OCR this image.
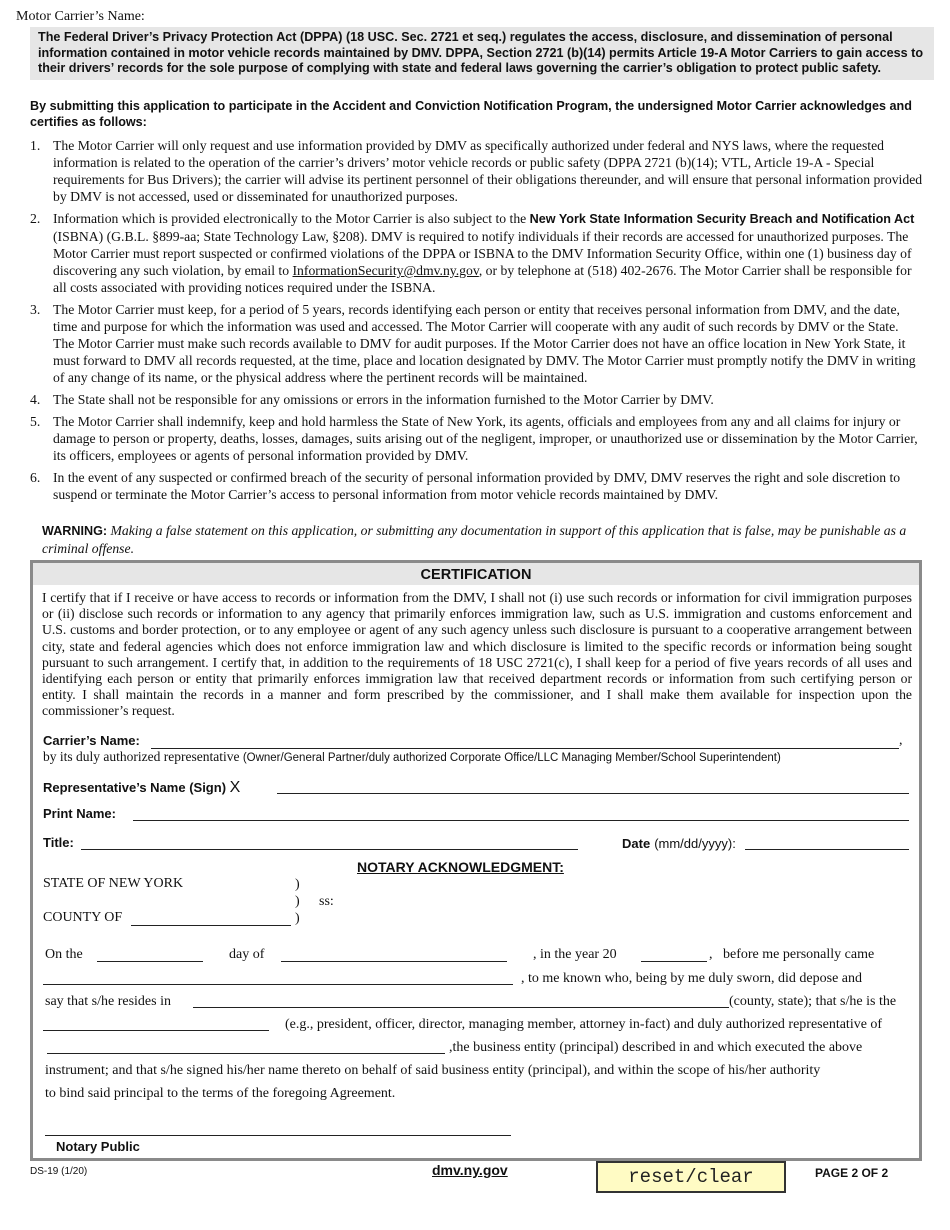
Motor Carrier’s Name:
The Federal Driver’s Privacy Protection Act (DPPA) (18 USC. Sec. 2721 et seq.) regulates the access, disclosure, and dissemination of personal information contained in motor vehicle records maintained by DMV. DPPA, Section 2721 (b)(14) permits Article 19-A Motor Carriers to gain access to their drivers’ records for the sole purpose of complying with state and federal laws governing the carrier’s obligation to protect public safety.
By submitting this application to participate in the Accident and Conviction Notification Program, the undersigned Motor Carrier acknowledges and certifies as follows:
1. The Motor Carrier will only request and use information provided by DMV as specifically authorized under federal and NYS laws, where the requested information is related to the operation of the carrier’s drivers’ motor vehicle records or public safety (DPPA 2721 (b)(14); VTL, Article 19-A - Special requirements for Bus Drivers); the carrier will advise its pertinent personnel of their obligations thereunder, and will ensure that personal information provided by DMV is not accessed, used or disseminated for unauthorized purposes.
2. Information which is provided electronically to the Motor Carrier is also subject to the New York State Information Security Breach and Notification Act (ISBNA) (G.B.L. §899-aa; State Technology Law, §208). DMV is required to notify individuals if their records are accessed for unauthorized purposes. The Motor Carrier must report suspected or confirmed violations of the DPPA or ISBNA to the DMV Information Security Office, within one (1) business day of discovering any such violation, by email to InformationSecurity@dmv.ny.gov, or by telephone at (518) 402-2676. The Motor Carrier shall be responsible for all costs associated with providing notices required under the ISBNA.
3. The Motor Carrier must keep, for a period of 5 years, records identifying each person or entity that receives personal information from DMV, and the date, time and purpose for which the information was used and accessed. The Motor Carrier will cooperate with any audit of such records by DMV or the State. The Motor Carrier must make such records available to DMV for audit purposes. If the Motor Carrier does not have an office location in New York State, it must forward to DMV all records requested, at the time, place and location designated by DMV. The Motor Carrier must promptly notify the DMV in writing of any change of its name, or the physical address where the pertinent records will be maintained.
4. The State shall not be responsible for any omissions or errors in the information furnished to the Motor Carrier by DMV.
5. The Motor Carrier shall indemnify, keep and hold harmless the State of New York, its agents, officials and employees from any and all claims for injury or damage to person or property, deaths, losses, damages, suits arising out of the negligent, improper, or unauthorized use or dissemination by the Motor Carrier, its officers, employees or agents of personal information provided by DMV.
6. In the event of any suspected or confirmed breach of the security of personal information provided by DMV, DMV reserves the right and sole discretion to suspend or terminate the Motor Carrier’s access to personal information from motor vehicle records maintained by DMV.
WARNING: Making a false statement on this application, or submitting any documentation in support of this application that is false, may be punishable as a criminal offense.
CERTIFICATION
I certify that if I receive or have access to records or information from the DMV, I shall not (i) use such records or information for civil immigration purposes or (ii) disclose such records or information to any agency that primarily enforces immigration law, such as U.S. immigration and customs enforcement and U.S. customs and border protection, or to any employee or agent of any such agency unless such disclosure is pursuant to a cooperative arrangement between city, state and federal agencies which does not enforce immigration law and which disclosure is limited to the specific records or information being sought pursuant to such arrangement. I certify that, in addition to the requirements of 18 USC 2721(c), I shall keep for a period of five years records of all uses and identifying each person or entity that primarily enforces immigration law that received department records or information from such certifying person or entity. I shall maintain the records in a manner and form prescribed by the commissioner, and I shall make them available for inspection upon the commissioner’s request.
Carrier’s Name:	,
by its duly authorized representative (Owner/General Partner/duly authorized Corporate Office/LLC Managing Member/School Superintendent)
Representative’s Name (Sign) X
Print Name:
Title:	Date (mm/dd/yyyy):
NOTARY ACKNOWLEDGMENT:
STATE OF NEW YORK	)
) ss:
)
COUNTY OF
On the	day of	, in the year 20	,   before me personally came
, to me known who, being by me duly sworn, did depose and
say that s/he resides in	(county, state); that s/he is the
(e.g., president, officer, director, managing member, attorney in-fact) and duly authorized representative of
,the business entity (principal) described in and which executed the above
instrument; and that s/he signed his/her name thereto on behalf of said business entity (principal), and within the scope of his/her authority
to bind said principal to the terms of the foregoing Agreement.
Notary Public
DS-19 (1/20)	dmv.ny.gov	reset/clear	PAGE 2 OF 2
